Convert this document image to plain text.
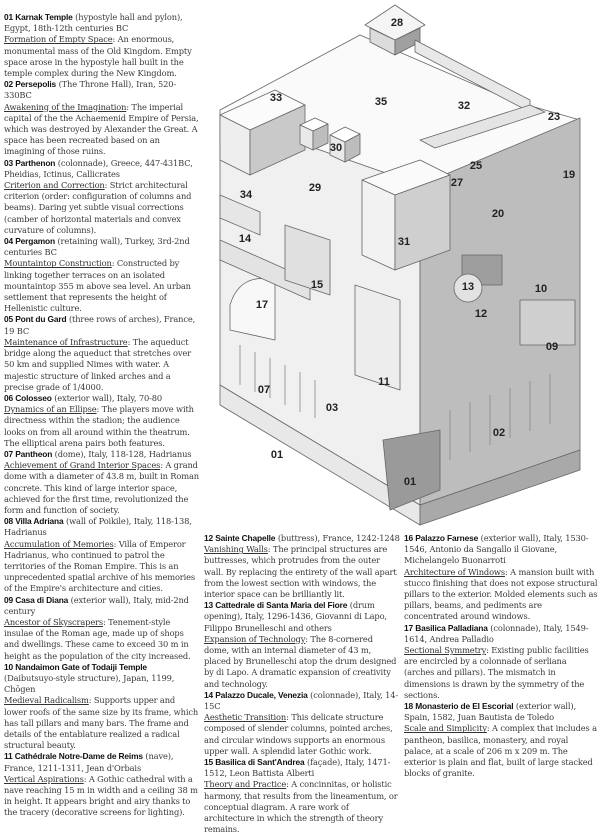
28
33	35	32
23
30
25
27
19
29
20
34
14	31
13	10
15
17
12
09
11
07
03
02
01
01

01 Karnak Temple (hypostyle hall and pylon), Egypt, 18th-12th centuries BC
Formation of Empty Space: An enormous, monumental mass of the Old Kingdom. Empty space arose in the hypostyle hall built in the temple complex during the New Kingdom.

02 Persepolis (The Throne Hall), Iran, 520-330BC
Awakening of the Imagination: The imperial capital of the the Achaemenid Empire of Persia, which was destroyed by Alexander the Great. A space has been recreated based on an imagining of those ruins.

03 Parthenon (colonnade), Greece, 447-431BC, Pheidias, Ictinus, Callicrates
Criterion and Correction: Strict architectural criterion (order: configuration of columns and beams). Daring yet subtle visual corrections (camber of horizontal materials and convex curvature of columns).

04 Pergamon (retaining wall), Turkey, 3rd-2nd centuries BC
Mountaintop Construction: Constructed by linking together terraces on an isolated mountaintop 355 m above sea level. An urban settlement that represents the height of Hellenistic culture.

05 Pont du Gard (three rows of arches), France, 19 BC
Maintenance of Infrastructure: The aqueduct bridge along the aqueduct that stretches over 50 km and supplied Nimes with water. A majestic structure of linked arches and a precise grade of 1/4000.

06 Colosseo (exterior wall), Italy, 70-80
Dynamics of an Ellipse: The players move with directness within the stadion; the audience looks on from all around within the theatrum. The elliptical arena pairs both features.

07 Pantheon (dome), Italy, 118-128, Hadrianus
Achievement of Grand Interior Spaces: A grand dome with a diameter of 43.8 m, built in Roman concrete. This kind of large interior space, achieved for the first time, revolutionized the form and function of society.

08 Villa Adriana (wall of Poikile), Italy, 118-138, Hadrianus
Accumulation of Memories: Villa of Emperor Hadrianus, who continued to patrol the territories of the Roman Empire. This is an unprecedented spatial archive of his memories of the Empire's architecture and cities.

09 Casa di Diana (exterior wall), Italy, mid-2nd century
Ancestor of Skyscrapers: Tenement-style insulae of the Roman age, made up of shops and dwellings. These came to exceed 30 m in height as the population of the city increased.

10 Nandaimon Gate of Todaiji Temple (Daibutsuyo-style structure), Japan, 1199, Chōgen
Medieval Radicalism: Supports upper and lower roofs of the same size by its frame, which has tall pillars and many bars. The frame and details of the entablature realized a radical structural beauty.

11 Cathédrale Notre-Dame de Reims (nave), France, 1211-1311, Jean d'Orbais
Vertical Aspirations: A Gothic cathedral with a nave reaching 15 m in width and a ceiling 38 m in height. It appears bright and airy thanks to the tracery (decorative screens for lighting).

12 Sainte Chapelle (buttress), France, 1242-1248
Vanishing Walls: The principal structures are buttresses, which protrudes from the outer wall. By replacing the entirety of the wall apart from the lowest section with windows, the interior space can be brilliantly lit.

13 Cattedrale di Santa Maria del Fiore (drum opening), Italy, 1296-1436, Giovanni di Lapo, Filippo Brunelleschi and others
Expansion of Technology: The 8-cornered dome, with an internal diameter of 43 m, placed by Brunelleschi atop the drum designed by di Lapo. A dramatic expansion of creativity and technology.

14 Palazzo Ducale, Venezia (colonnade), Italy, 14-15C
Aesthetic Transition: This delicate structure composed of slender columns, pointed arches, and circular windows supports an enormous upper wall. A splendid later Gothic work.

15 Basilica di Sant'Andrea (façade), Italy, 1471-1512, Leon Battista Alberti
Theory and Practice: A concinnitas, or holistic harmony, that results from the lineamentum, or conceptual diagram. A rare work of architecture in which the strength of theory remains.

16 Palazzo Farnese (exterior wall), Italy, 1530-1546, Antonio da Sangallo il Giovane, Michelangelo Buonarroti
Architecture of Windows: A mansion built with stucco finishing that does not expose structural pillars to the exterior. Molded elements such as pillars, beams, and pediments are concentrated around windows.

17 Basilica Palladiana (colonnade), Italy, 1549-1614, Andrea Palladio
Sectional Symmetry: Existing public facilities are encircled by a colonnade of serliana (arches and pillars). The mismatch in dimensions is drawn by the symmetry of the sections.

18 Monasterio de El Escorial (exterior wall), Spain, 1582, Juan Bautista de Toledo
Scale and Simplicity: A complex that includes a pantheon, basilica, monastery, and royal palace, at a scale of 206 m x 209 m. The exterior is plain and flat, built of large stacked blocks of granite.
